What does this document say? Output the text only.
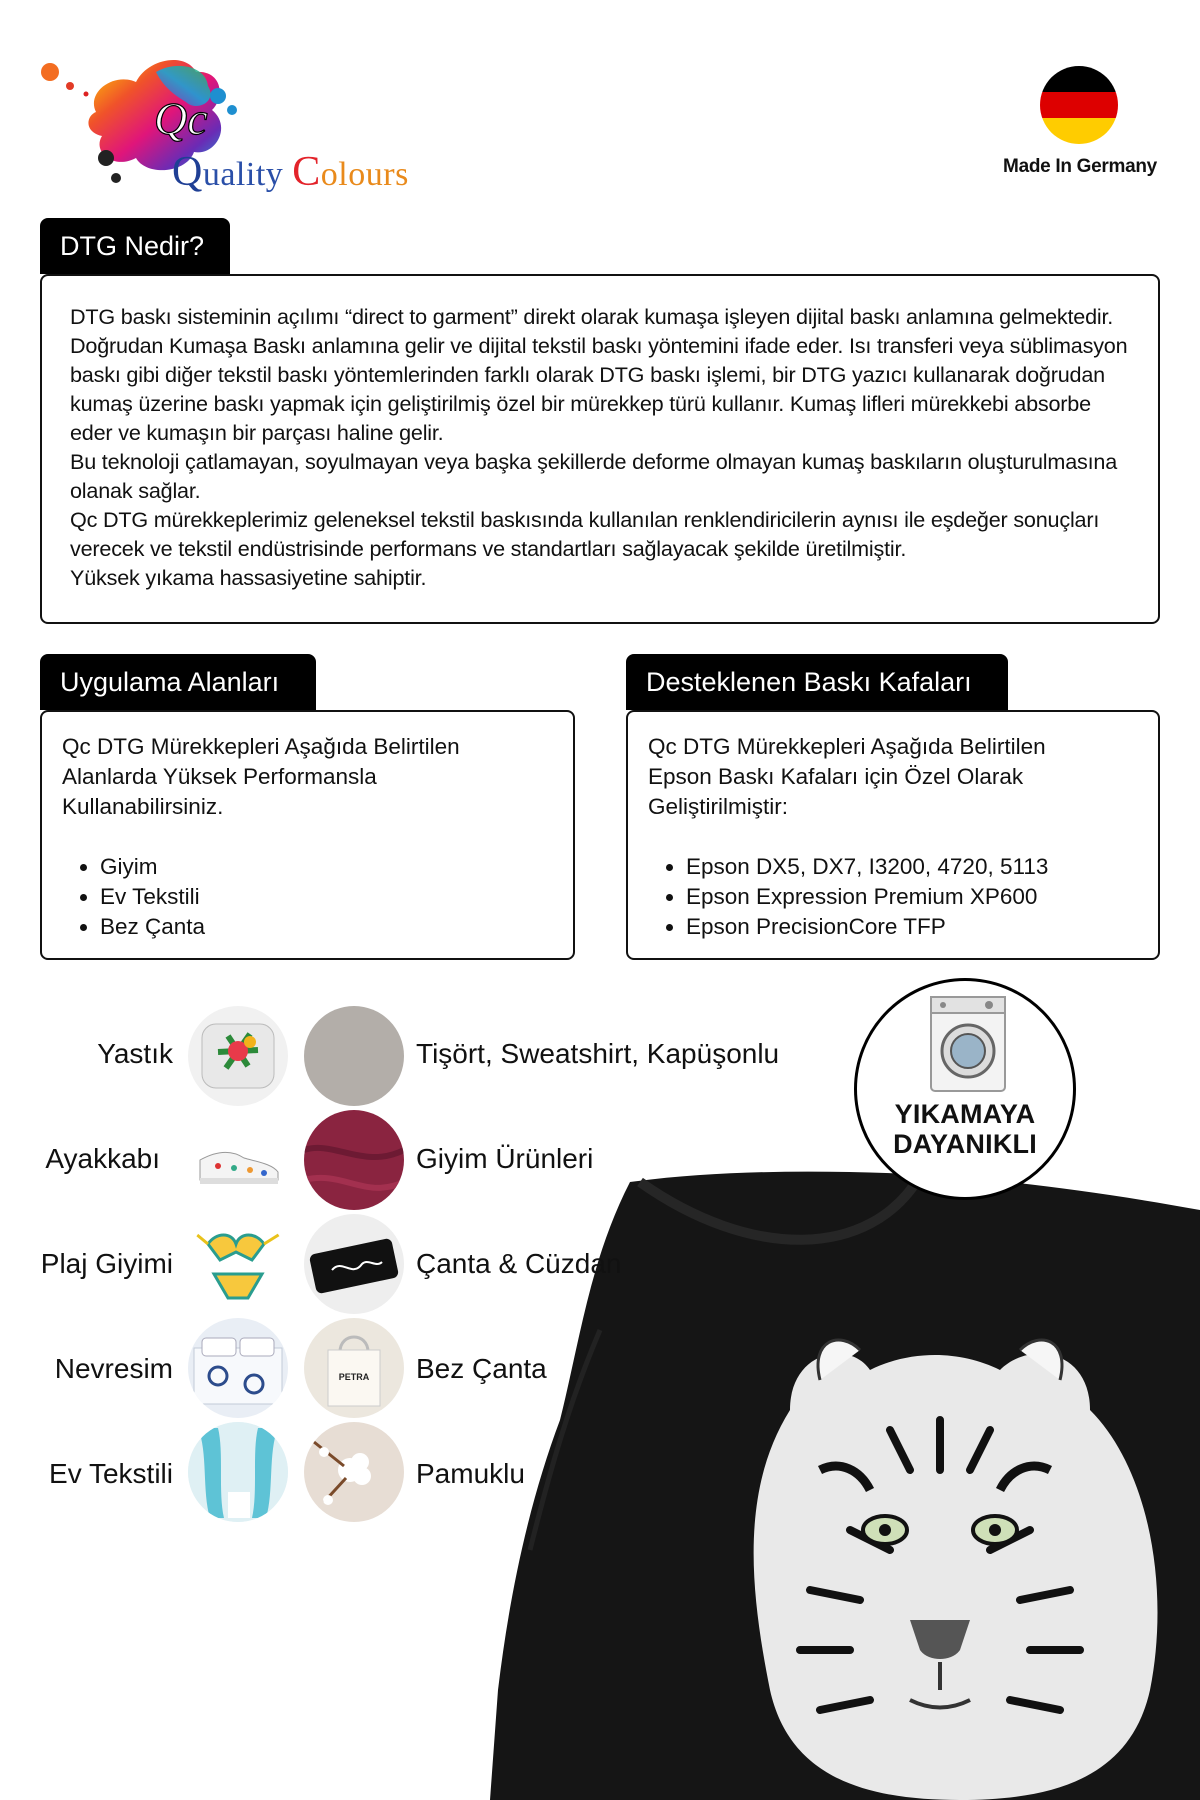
Qc
Quality Colours	Made In Germany
DTG Nedir?

DTG baskı sisteminin açılımı “direct to garment” direkt olarak kumaşa işleyen dijital baskı anlamına gelmektedir. Doğrudan Kumaşa Baskı anlamına gelir ve dijital tekstil baskı yöntemini ifade eder. Isı transferi veya süblimasyon baskı gibi diğer tekstil baskı yöntemlerinden farklı olarak DTG baskı işlemi, bir DTG yazıcı kullanarak doğrudan kumaş üzerine baskı yapmak için geliştirilmiş özel bir mürekkep türü kullanır. Kumaş lifleri mürekkebi absorbe eder ve kumaşın bir parçası haline gelir.

Bu teknoloji çatlamayan, soyulmayan veya başka şekillerde deforme olmayan kumaş baskıların oluşturulmasına olanak sağlar.

Qc DTG mürekkeplerimiz geleneksel tekstil baskısında kullanılan renklendiricilerin aynısı ile eşdeğer sonuçları verecek ve tekstil endüstrisinde performans ve standartları sağlayacak şekilde üretilmiştir.

Yüksek yıkama hassasiyetine sahiptir.

Uygulama Alanları
Qc DTG Mürekkepleri Aşağıda Belirtilen
Alanlarda Yüksek Performansla
Kullanabilirsiniz.
• Giyim
• Ev Tekstili
• Bez Çanta
Desteklenen Baskı Kafaları
Qc DTG Mürekkepleri Aşağıda Belirtilen
Epson Baskı Kafaları için Özel Olarak
Geliştirilmiştir:
• Epson DX5, DX7, I3200, 4720, 5113
• Epson Expression Premium XP600
• Epson PrecisionCore TFP
Yastık
Ayakkabı
Plaj Giyimi
Nevresim
Ev Tekstili
PETRA
Tişört, Sweatshirt, Kapüşonlu
Giyim Ürünleri
Çanta & Cüzdan
Bez Çanta
Pamuklu
YIKAMAYA
DAYANIKLI
